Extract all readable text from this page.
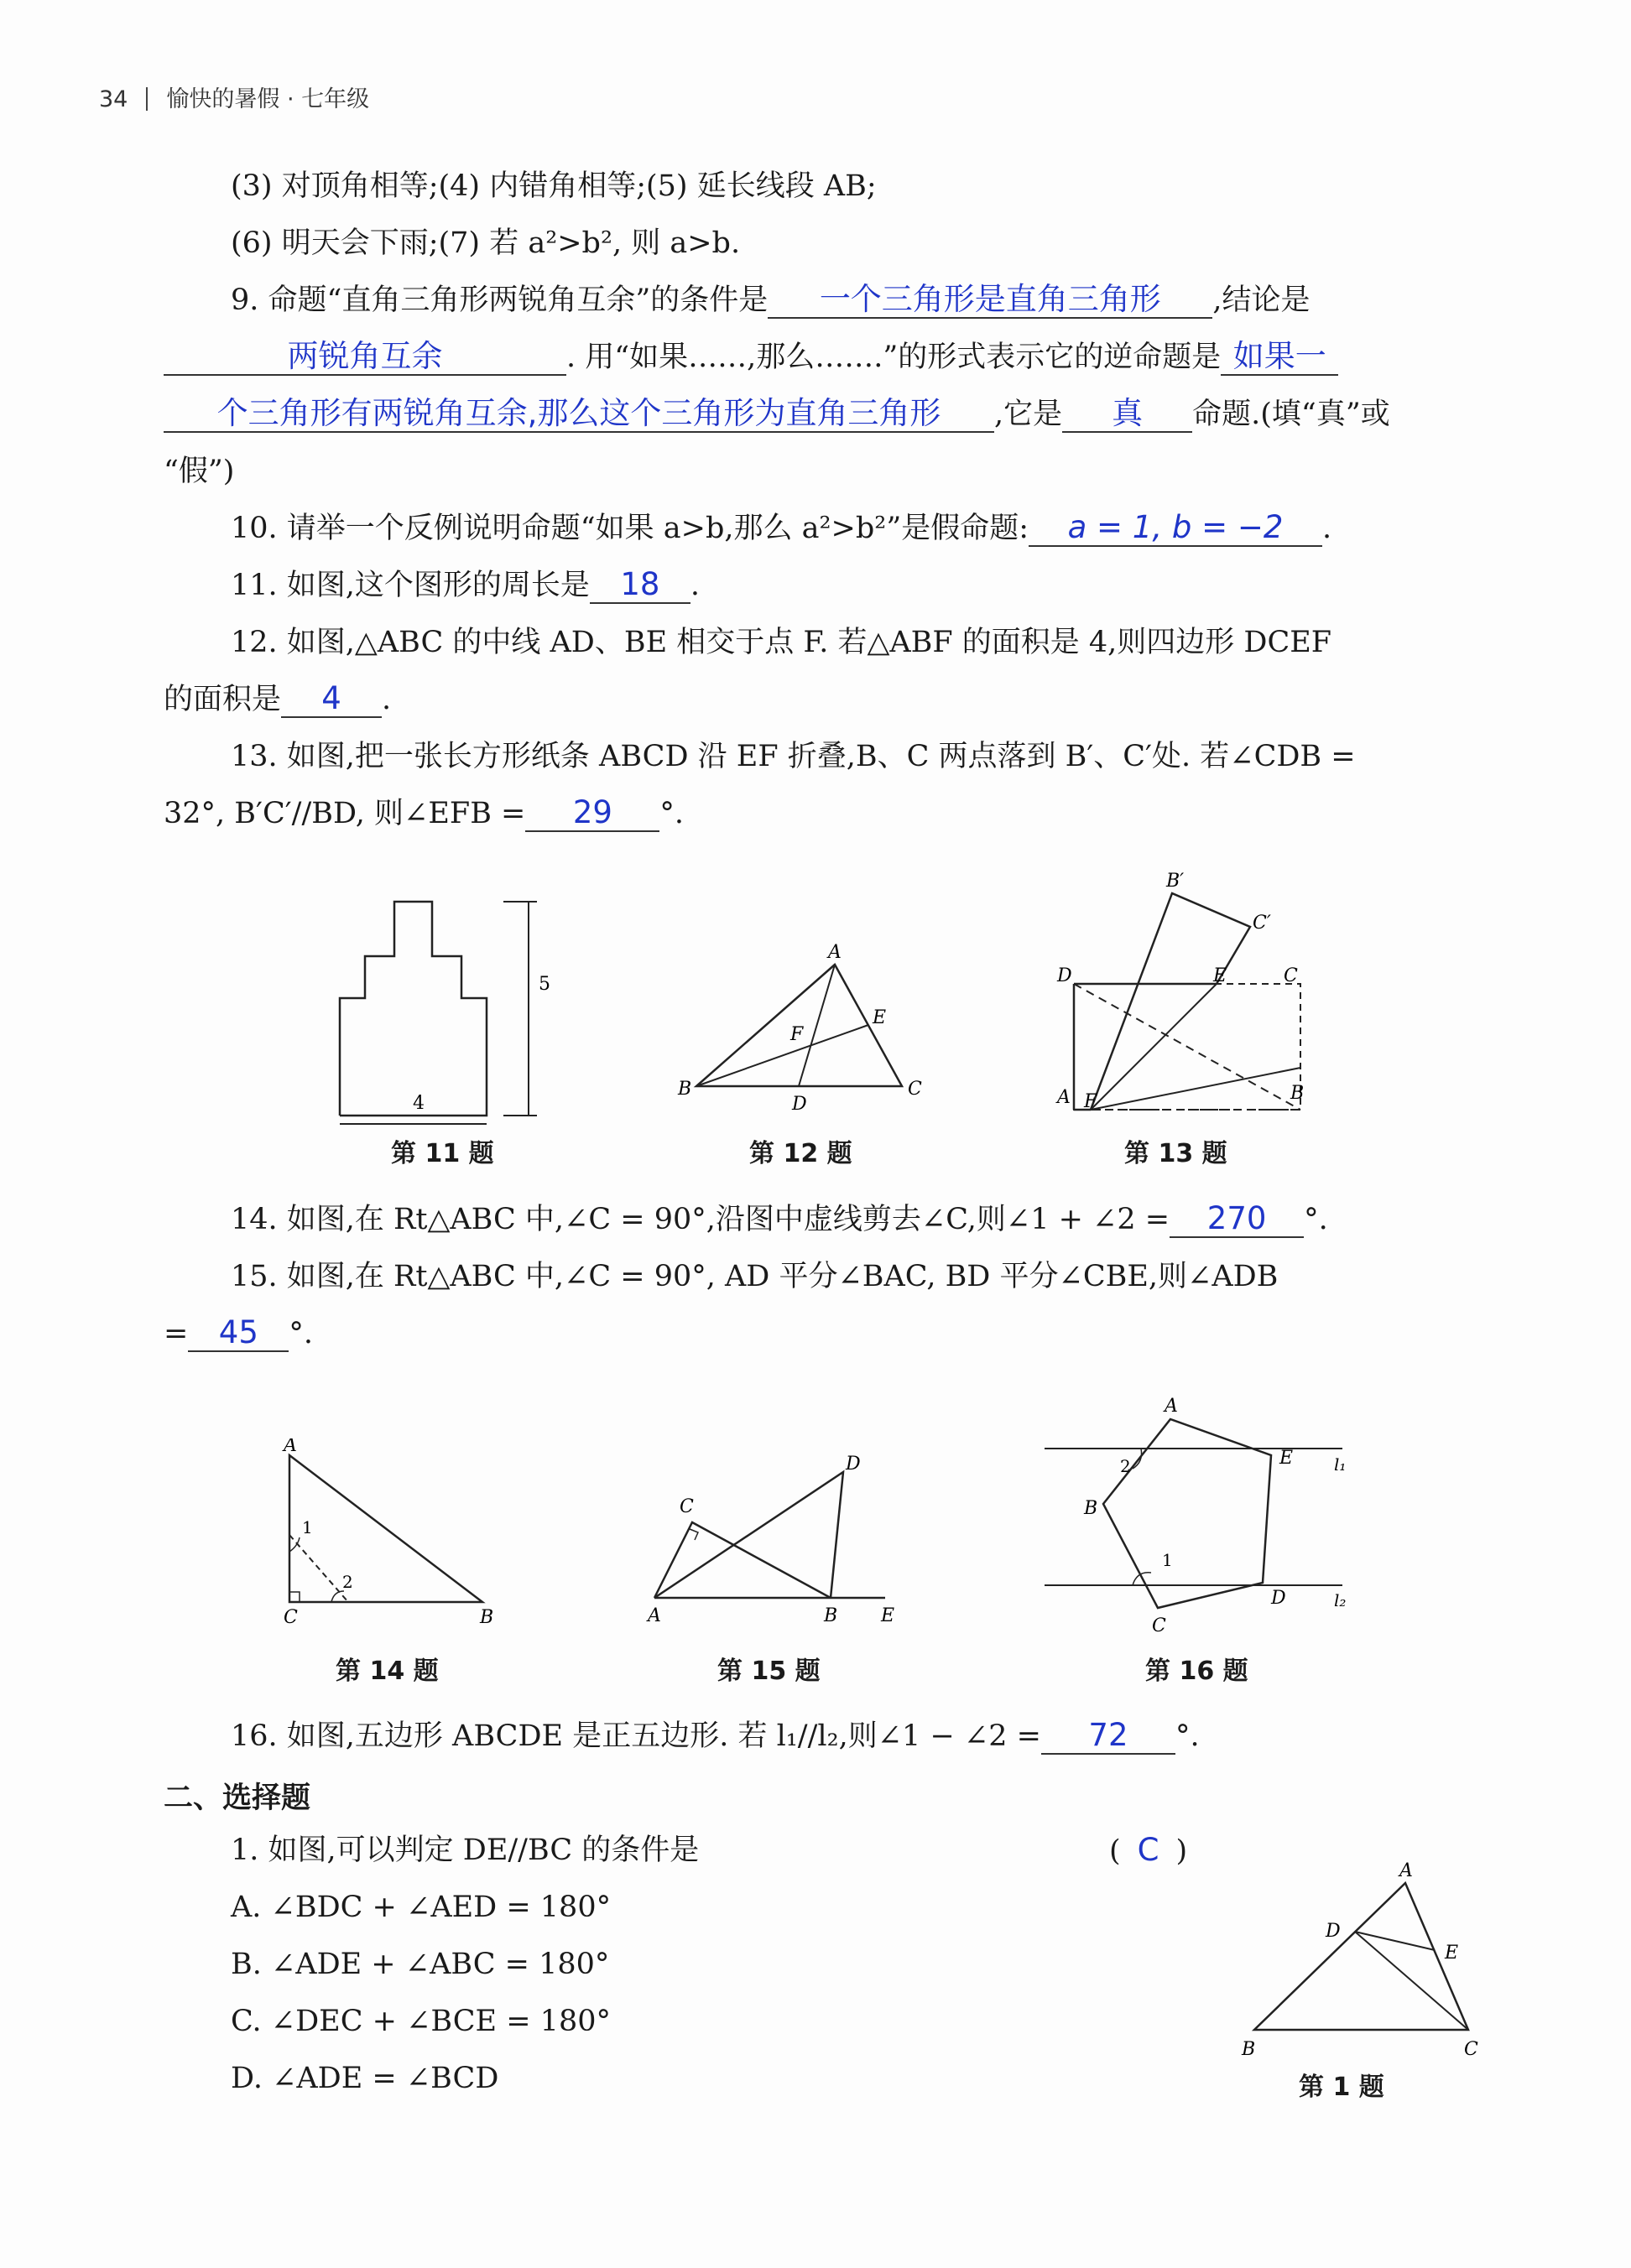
34 愉快的暑假 · 七年级
(3) 对顶角相等;(4) 内错角相等;(5) 延长线段 AB;
(6) 明天会下雨;(7) 若 a²>b², 则 a>b.
9. 命题“直角三角形两锐角互余”的条件是 一个三角形是直角三角形 ,结论是
两锐角互余	. 用“如果……,那么…….”的形式表示它的逆命题是 如果一
个三角形有两锐角互余,那么这个三角形为直角三角形 ,它是 真 命题.(填“真”或
“假”)
10. 请举一个反例说明命题“如果 a>b,那么 a²>b²”是假命题: a = 1, b = −2 .
11. 如图,这个图形的周长是 18 .
12. 如图,△ABC 的中线 AD、BE 相交于点 F. 若△ABF 的面积是 4,则四边形 DCEF
的面积是 4 .
13. 如图,把一张长方形纸条 ABCD 沿 EF 折叠,B、C 两点落到 B′、C′处. 若∠CDB =
32°, B′C′//BD, 则∠EFB = 29 °.
5
4
第 11 题
A
B	C
D
E
F
第 12 题
B′
C′
D	E	C
A F	B
第 13 题
14. 如图,在 Rt△ABC 中,∠C = 90°,沿图中虚线剪去∠C,则∠1 + ∠2 = 270 °.
15. 如图,在 Rt△ABC 中,∠C = 90°, AD 平分∠BAC, BD 平分∠CBE,则∠ADB
= 45 °.
A
C	B
1
2
第 14 题
C
D
A	B E
第 15 题
A
E
B
D
C
2
1
l₁
l₂
第 16 题
16. 如图,五边形 ABCDE 是正五边形. 若 l₁//l₂,则∠1 − ∠2 = 72 °.
二、选择题
1. 如图,可以判定 DE//BC 的条件是	( C )
A. ∠BDC + ∠AED = 180°
B. ∠ADE + ∠ABC = 180°
C. ∠DEC + ∠BCE = 180°
D. ∠ADE = ∠BCD
A
D
E
B	C
第 1 题
